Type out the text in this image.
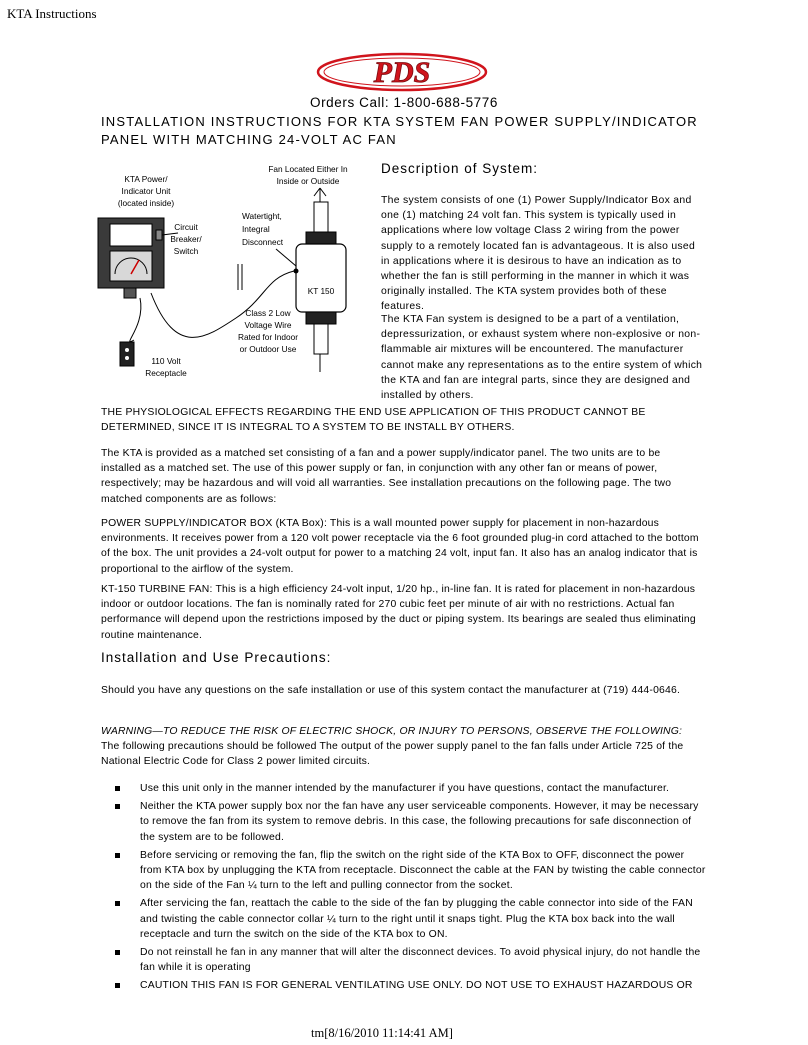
KTA Instructions
PDS
Orders Call: 1-800-688-5776
INSTALLATION INSTRUCTIONS FOR KTA SYSTEM FAN POWER SUPPLY/INDICATOR PANEL WITH MATCHING 24-VOLT AC FAN
KTA Power/
Indicator Unit
(located inside)
Circuit
Breaker/
Switch
Fan Located Either In
Inside or Outside
Watertight,
Integral
Disconnect
KT 150
Class 2 Low
Voltage Wire
Rated for Indoor
or Outdoor Use
110 Volt
Receptacle
Description of System:

The system consists of one (1) Power Supply/Indicator Box and one (1) matching 24 volt fan. This system is typically used in applications where low voltage Class 2 wiring from the power supply to a remotely located fan is advantageous. It is also used in applications where it is desirous to have an indication as to whether the fan is still performing in the manner in which it was originally installed. The KTA system provides both of these features.

The KTA Fan system is designed to be a part of a ventilation, depressurization, or exhaust system where non-explosive or non-flammable air mixtures will be encountered. The manufacturer cannot make any representations as to the entire system of which the KTA and fan are integral parts, since they are designed and installed by others.

THE PHYSIOLOGICAL EFFECTS REGARDING THE END USE APPLICATION OF THIS PRODUCT CANNOT BE DETERMINED, SINCE IT IS INTEGRAL TO A SYSTEM TO BE INSTALL BY OTHERS.

The KTA is provided as a matched set consisting of a fan and a power supply/indicator panel. The two units are to be installed as a matched set. The use of this power supply or fan, in conjunction with any other fan or means of power, respectively; may be hazardous and will void all warranties. See installation precautions on the following page. The two matched components are as follows:

POWER SUPPLY/INDICATOR BOX (KTA Box): This is a wall mounted power supply for placement in non-hazardous environments. It receives power from a 120 volt power receptacle via the 6 foot grounded plug-in cord attached to the bottom of the box. The unit provides a 24-volt output for power to a matching 24 volt, input fan. It also has an analog indicator that is proportional to the airflow of the system.

KT-150 TURBINE FAN: This is a high efficiency 24-volt input, 1/20 hp., in-line fan. It is rated for placement in non-hazardous indoor or outdoor locations. The fan is nominally rated for 270 cubic feet per minute of air with no restrictions. Actual fan performance will depend upon the restrictions imposed by the duct or piping system. Its bearings are sealed thus eliminating routine maintenance.

Installation and Use Precautions:

Should you have any questions on the safe installation or use of this system contact the manufacturer at (719) 444-0646.

WARNING—TO REDUCE THE RISK OF ELECTRIC SHOCK, OR INJURY TO PERSONS, OBSERVE THE FOLLOWING: The following precautions should be followed The output of the power supply panel to the fan falls under Article 725 of the National Electric Code for Class 2 power limited circuits.

Use this unit only in the manner intended by the manufacturer if you have questions, contact the manufacturer.
Neither the KTA power supply box nor the fan have any user serviceable components. However, it may be necessary to remove the fan from its system to remove debris. In this case, the following precautions for safe disconnection of the system are to be followed.
Before servicing or removing the fan, flip the switch on the right side of the KTA Box to OFF, disconnect the power from KTA box by unplugging the KTA from receptacle. Disconnect the cable at the FAN by twisting the cable connector on the side of the Fan ¼ turn to the left and pulling connector from the socket.
After servicing the fan, reattach the cable to the side of the fan by plugging the cable connector into side of the FAN and twisting the cable connector collar ¼ turn to the right until it snaps tight. Plug the KTA box back into the wall receptacle and turn the switch on the side of the KTA box to ON.
Do not reinstall he fan in any manner that will alter the disconnect devices. To avoid physical injury, do not handle the fan while it is operating
CAUTION THIS FAN IS FOR GENERAL VENTILATING USE ONLY. DO NOT USE TO EXHAUST HAZARDOUS OR
tm[8/16/2010 11:14:41 AM]
